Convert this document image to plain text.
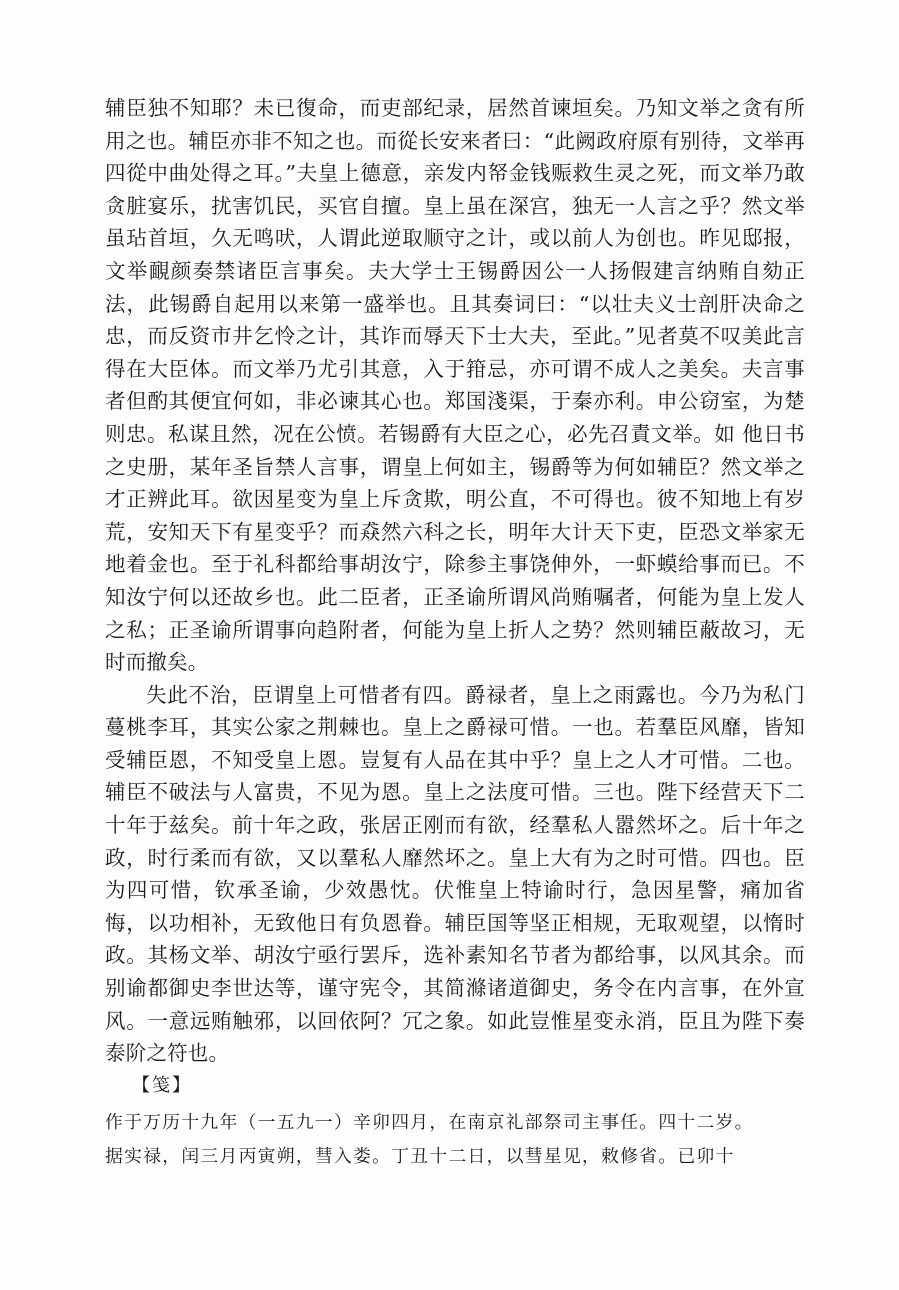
辅臣独不知耶？未已復命，而吏部纪录，居然首谏垣矣。乃知文举之贪有所用之也。辅臣亦非不知之也。而從长安来者曰：“此阙政府原有别待，文举再四從中曲处得之耳。”夫皇上德意，亲发内帑金钱赈救生灵之死，而文举乃敢贪脏宴乐，扰害饥民，买官自擅。皇上虽在深宫，独无一人言之乎？然文举虽玷首垣，久无鸣吠，人谓此逆取顺守之计，或以前人为创也。昨见邸报，文举靦颜奏禁诸臣言事矣。夫大学士王锡爵因公一人扬假建言纳贿自劾正法，此锡爵自起用以来第一盛举也。且其奏词曰：“以壮夫义士剖肝决命之忠，而反资市井乞怜之计，其诈而辱天下士大夫，至此。”见者莫不叹美此言得在大臣体。而文举乃尤引其意，入于箝忌，亦可谓不成人之美矣。夫言事者但酌其便宜何如，非必谏其心也。郑国淺渠，于秦亦利。申公窃室，为楚则忠。私谋且然，况在公愤。若锡爵有大臣之心，必先召責文举。如 他日书之史册，某年圣旨禁人言事，谓皇上何如主，锡爵等为何如辅臣？然文举之才正辨此耳。欲因星变为皇上斥贪欺，明公直，不可得也。彼不知地上有岁荒，安知天下有星变乎？而猋然六科之长，明年大计天下吏，臣恐文举家无地着金也。至于礼科都给事胡汝宁，除参主事饶伸外，一虾蟆给事而已。不知汝宁何以还故乡也。此二臣者，正圣谕所谓风尚贿嘱者，何能为皇上发人之私；正圣谕所谓事向趋附者，何能为皇上折人之势？然则辅臣蔽故习，无时而撤矣。

失此不治，臣谓皇上可惜者有四。爵禄者，皇上之雨露也。今乃为私门蔓桃李耳，其实公家之荆棘也。皇上之爵禄可惜。一也。若羣臣风靡，皆知受辅臣恩，不知受皇上恩。豈复有人品在其中乎？皇上之人才可惜。二也。辅臣不破法与人富贵，不见为恩。皇上之法度可惜。三也。陛下经营天下二十年于兹矣。前十年之政，张居正刚而有欲，经羣私人嚣然坏之。后十年之政，时行柔而有欲，又以羣私人靡然坏之。皇上大有为之时可惜。四也。臣为四可惜，钦承圣谕，少效愚忱。伏惟皇上特谕时行，急因星警，痛加省悔，以功相补，无致他日有负恩眷。辅臣国等坚正相规，无取观望，以惰时政。其杨文举、胡汝宁亟行罢斥，选补素知名节者为都给事，以风其余。而别谕都御史李世达等，谨守宪令，其简滌诸道御史，务令在内言事，在外宣风。一意远贿触邪，以回依阿？冗之象。如此豈惟星变永消，臣且为陛下奏泰阶之符也。

【笺】
作于万历十九年（一五九一）辛卯四月，在南京礼部祭司主事任。四十二岁。
据实禄，闰三月丙寅朔，彗入娄。丁丑十二日，以彗星见，敕修省。已卯十
